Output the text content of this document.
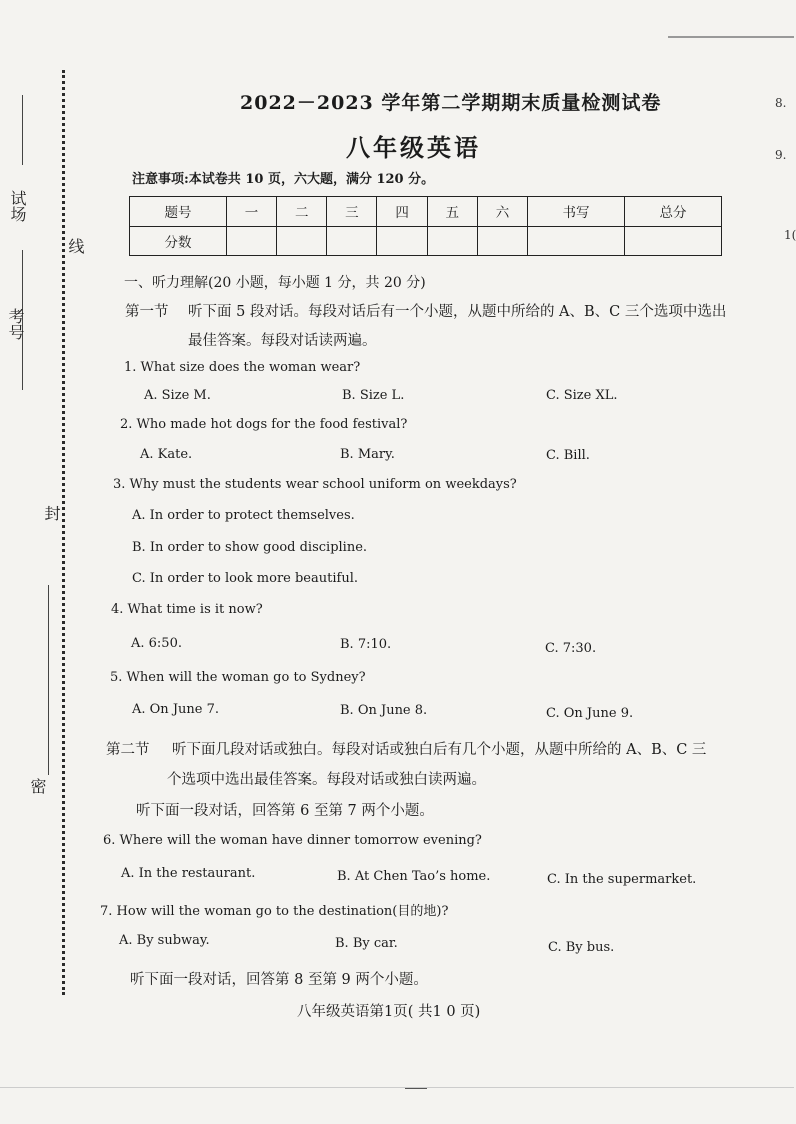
试场
考号
线
封
密
8.
9.
1(
2022－2023 学年第二学期期末质量检测试卷
八年级英语
注意事项:本试卷共 10 页，六大题，满分 120 分。
题号	一	二	三	四	五	六	书写	总分
分数								
一、听力理解(20 小题，每小题 1 分，共 20 分)
第一节 听下面 5 段对话。每段对话后有一个小题，从题中所给的 A、B、C 三个选项中选出
最佳答案。每段对话读两遍。
1. What size does the woman wear?
A. Size M.	B. Size L.	C. Size XL.
2. Who made hot dogs for the food festival?
A. Kate.	B. Mary.	C. Bill.
3. Why must the students wear school uniform on weekdays?
A. In order to protect themselves.
B. In order to show good discipline.
C. In order to look more beautiful.
4. What time is it now?
A. 6:50.	B. 7:10.	C. 7:30.
5. When will the woman go to Sydney?
A. On June 7.	B. On June 8.	C. On June 9.
第二节 听下面几段对话或独白。每段对话或独白后有几个小题，从题中所给的 A、B、C 三
个选项中选出最佳答案。每段对话或独白读两遍。
听下面一段对话，回答第 6 至第 7 两个小题。
6. Where will the woman have dinner tomorrow evening?
A. In the restaurant.	B. At Chen Tao’s home.	C. In the supermarket.
7. How will the woman go to the destination(目的地)?
A. By subway.	B. By car.	C. By bus.
听下面一段对话，回答第 8 至第 9 两个小题。
八年级英语第1页( 共1 0 页)
